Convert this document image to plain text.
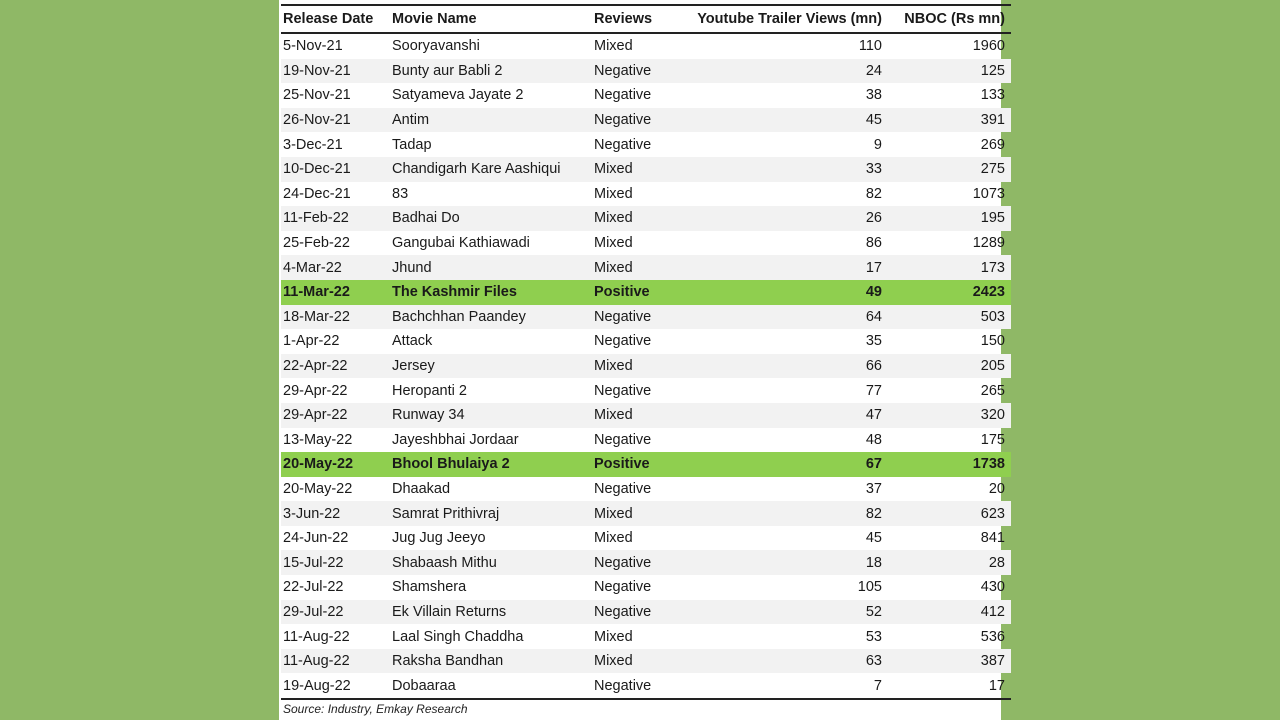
Release Date	Movie Name	Reviews	Youtube Trailer Views (mn)	NBOC (Rs mn)
5-Nov-21	Sooryavanshi	Mixed	110	1960
19-Nov-21	Bunty aur Babli 2	Negative	24	125
25-Nov-21	Satyameva Jayate 2	Negative	38	133
26-Nov-21	Antim	Negative	45	391
3-Dec-21	Tadap	Negative	9	269
10-Dec-21	Chandigarh Kare Aashiqui	Mixed	33	275
24-Dec-21	83	Mixed	82	1073
11-Feb-22	Badhai Do	Mixed	26	195
25-Feb-22	Gangubai Kathiawadi	Mixed	86	1289
4-Mar-22	Jhund	Mixed	17	173
11-Mar-22	The Kashmir Files	Positive	49	2423
18-Mar-22	Bachchhan Paandey	Negative	64	503
1-Apr-22	Attack	Negative	35	150
22-Apr-22	Jersey	Mixed	66	205
29-Apr-22	Heropanti 2	Negative	77	265
29-Apr-22	Runway 34	Mixed	47	320
13-May-22	Jayeshbhai Jordaar	Negative	48	175
20-May-22	Bhool Bhulaiya 2	Positive	67	1738
20-May-22	Dhaakad	Negative	37	20
3-Jun-22	Samrat Prithivraj	Mixed	82	623
24-Jun-22	Jug Jug Jeeyo	Mixed	45	841
15-Jul-22	Shabaash Mithu	Negative	18	28
22-Jul-22	Shamshera	Negative	105	430
29-Jul-22	Ek Villain Returns	Negative	52	412
11-Aug-22	Laal Singh Chaddha	Mixed	53	536
11-Aug-22	Raksha Bandhan	Mixed	63	387
19-Aug-22	Dobaaraa	Negative	7	17
Source: Industry, Emkay Research
